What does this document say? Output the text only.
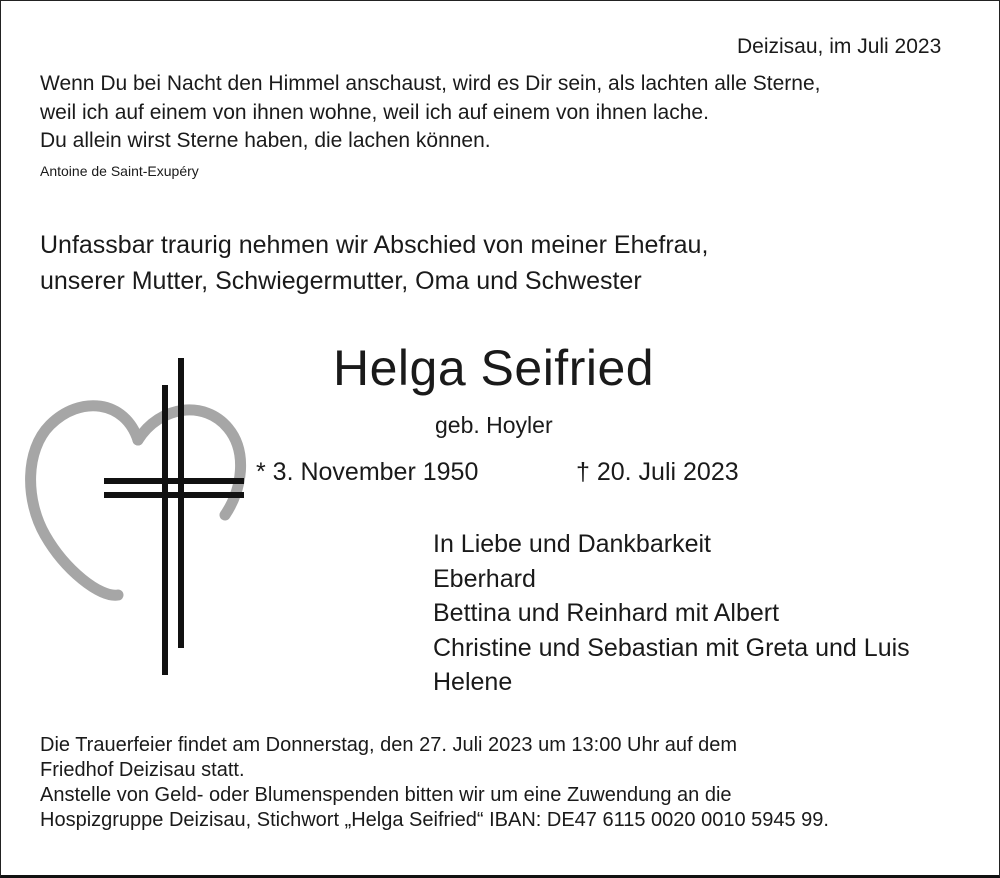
Deizisau, im Juli 2023
Wenn Du bei Nacht den Himmel anschaust, wird es Dir sein, als lachten alle Sterne,
weil ich auf einem von ihnen wohne, weil ich auf einem von ihnen lache.
Du allein wirst Sterne haben, die lachen können.
Antoine de Saint-Exupéry
Unfassbar traurig nehmen wir Abschied von meiner Ehefrau,
unserer Mutter, Schwiegermutter, Oma und Schwester
Helga Seifried
geb. Hoyler
* 3. November 1950	† 20. Juli 2023
In Liebe und Dankbarkeit
Eberhard
Bettina und Reinhard mit Albert
Christine und Sebastian mit Greta und Luis
Helene
Die Trauerfeier findet am Donnerstag, den 27. Juli 2023 um 13:00 Uhr auf dem
Friedhof Deizisau statt.
Anstelle von Geld- oder Blumenspenden bitten wir um eine Zuwendung an die
Hospizgruppe Deizisau, Stichwort „Helga Seifried“ IBAN: DE47 6115 0020 0010 5945 99.
